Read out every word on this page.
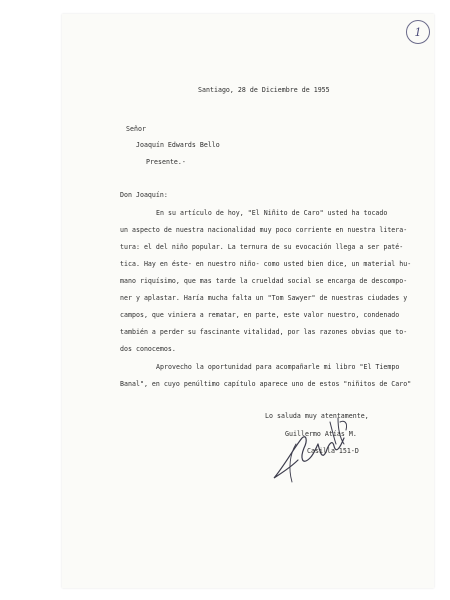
1
Santiago, 28 de Diciembre de 1955
Señor
Joaquín Edwards Bello
Presente.-
Don Joaquín:
En su artículo de hoy, "El Niñito de Caro" usted ha tocado
un aspecto de nuestra nacionalidad muy poco corriente en nuestra litera-
tura: el del niño popular. La ternura de su evocación llega a ser paté-
tica. Hay en éste- en nuestro niño- como usted bien dice, un material hu-
mano riquísimo, que mas tarde la crueldad social se encarga de descompo-
ner y aplastar. Haría mucha falta un "Tom Sawyer" de nuestras ciudades y
campos, que viniera a rematar, en parte, este valor nuestro, condenado
también a perder su fascinante vitalidad, por las razones obvias que to-
dos conocemos.
Aprovecho la oportunidad para acompañarle mi libro "El Tiempo
Banal", en cuyo penúltimo capítulo aparece uno de estos "niñitos de Caro"
Lo saluda muy atentamente,
Guillermo Atías M.
Casilla 151-D
